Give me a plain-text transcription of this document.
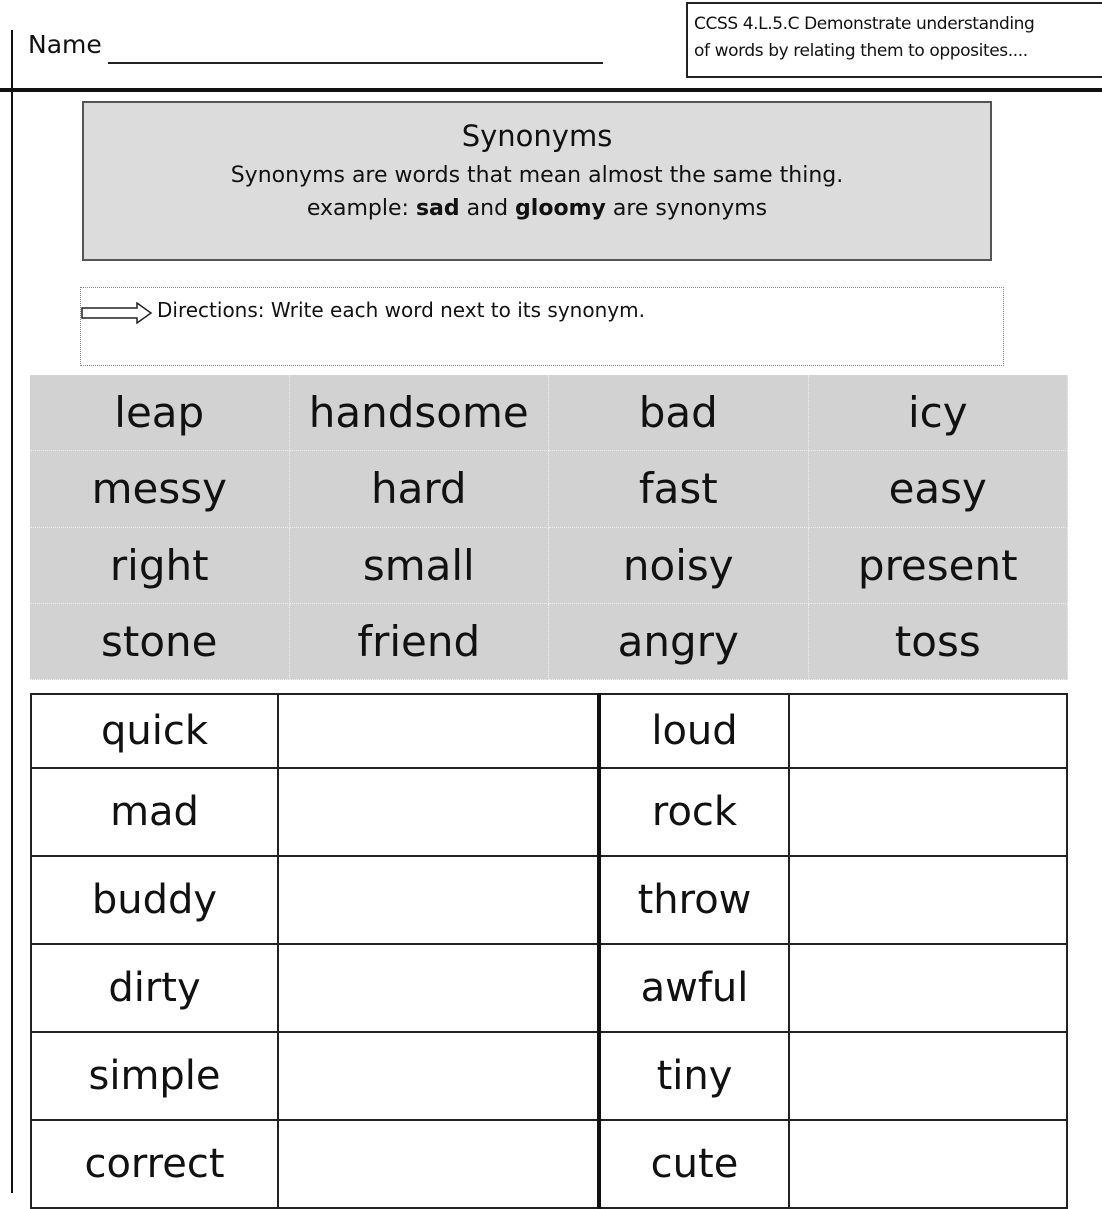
Name
CCSS 4.L.5.C Demonstrate understanding
of words by relating them to opposites....
Synonyms
Synonyms are words that mean almost the same thing.
example: sad and gloomy are synonyms
Directions: Write each word next to its synonym.
leap	handsome	bad	icy
messy	hard	fast	easy
right	small	noisy	present
stone	friend	angry	toss
quick		loud	
mad		rock	
buddy		throw	
dirty		awful	
simple		tiny	
correct		cute	
